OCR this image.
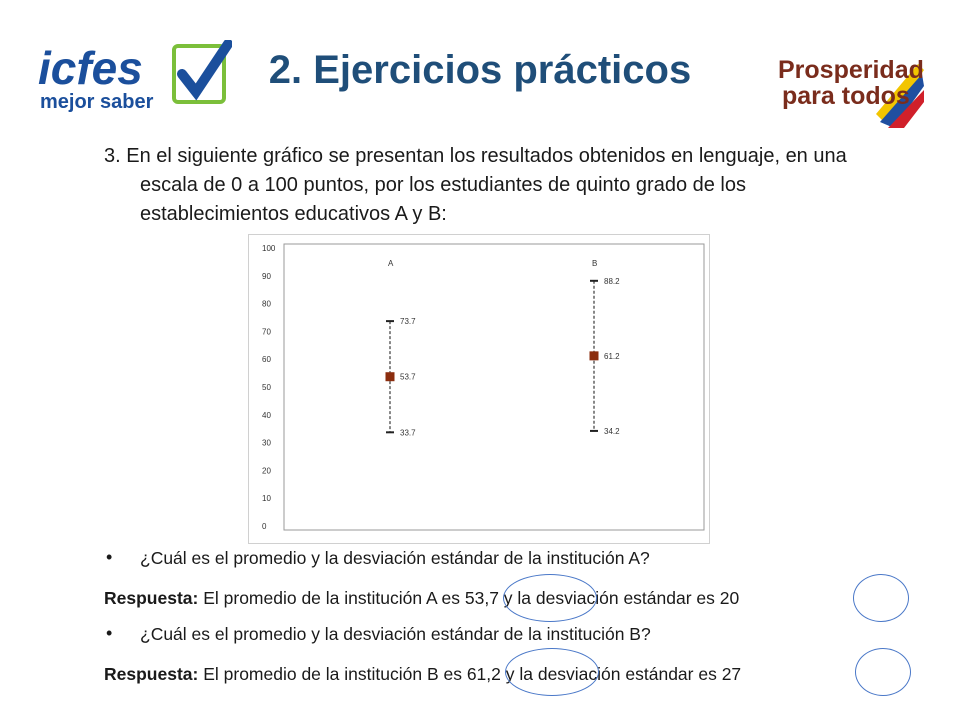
icfes
mejor saber
2. Ejercicios prácticos	Prosperidad
para todos
3. En el siguiente gráfico se presentan los resultados obtenidos en lenguaje, en una escala de 0 a 100 puntos, por los estudiantes de quinto grado de los establecimientos educativos A y B:
0
10
20
30
40
50
60
70
80
90
100
A
73.7
53.7
33.7
B
88.2
61.2
34.2
• ¿Cuál es el promedio y la desviación estándar de la institución A?
Respuesta: El promedio de la institución A es 53,7 y la desviación estándar es 20
• ¿Cuál es el promedio y la desviación estándar de la institución B?
Respuesta: El promedio de la institución B es 61,2 y la desviación estándar es 27
